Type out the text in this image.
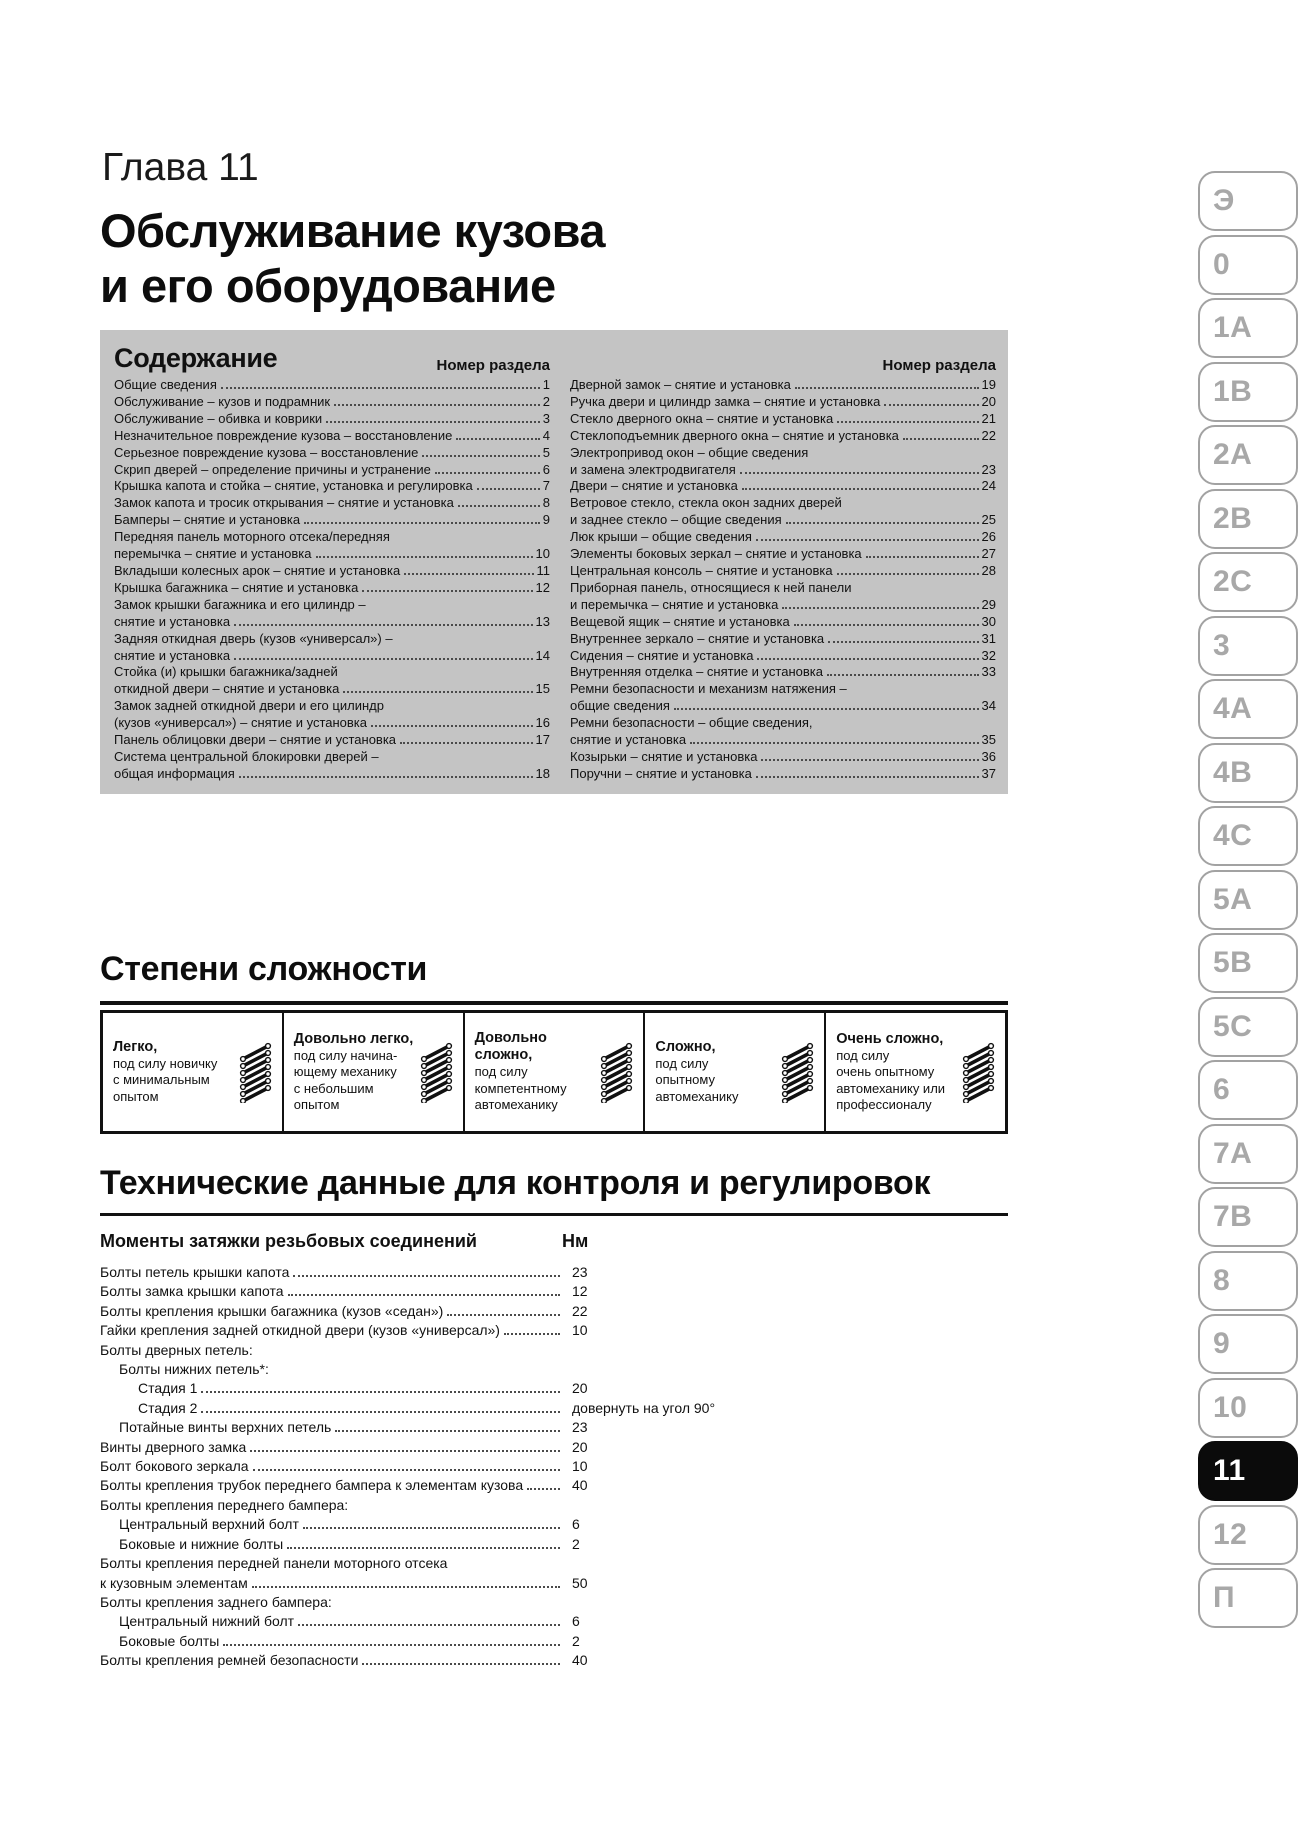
Глава 11
Обслуживание кузова
и его оборудование
Содержание	Номер раздела
Общие сведения	1
Обслуживание – кузов и подрамник	2
Обслуживание – обивка и коврики	3
Незначительное повреждение кузова – восстановление	4
Серьезное повреждение кузова – восстановление	5
Скрип дверей – определение причины и устранение	6
Крышка капота и стойка – снятие, установка и регулировка	7
Замок капота и тросик открывания – снятие и установка	8
Бамперы – снятие и установка	9
Передняя панель моторного отсека/передняя
перемычка – снятие и установка	10
Вкладыши колесных арок – снятие и установка	11
Крышка багажника – снятие и установка	12
Замок крышки багажника и его цилиндр –
снятие и установка	13
Задняя откидная дверь (кузов «универсал») –
снятие и установка	14
Стойка (и) крышки багажника/задней
откидной двери – снятие и установка	15
Замок задней откидной двери и его цилиндр
(кузов «универсал») – снятие и установка	16
Панель облицовки двери – снятие и установка	17
Система центральной блокировки дверей –
общая информация	18
Номер раздела
Дверной замок – снятие и установка	19
Ручка двери и цилиндр замка – снятие и установка	20
Стекло дверного окна – снятие и установка	21
Стеклоподъемник дверного окна – снятие и установка	22
Электропривод окон – общие сведения
и замена электродвигателя	23
Двери – снятие и установка	24
Ветровое стекло, стекла окон задних дверей
и заднее стекло – общие сведения	25
Люк крыши – общие сведения	26
Элементы боковых зеркал – снятие и установка	27
Центральная консоль – снятие и установка	28
Приборная панель, относящиеся к ней панели
и перемычка – снятие и установка	29
Вещевой ящик – снятие и установка	30
Внутреннее зеркало – снятие и установка	31
Сидения – снятие и установка	32
Внутренняя отделка – снятие и установка	33
Ремни безопасности и механизм натяжения –
общие сведения	34
Ремни безопасности – общие сведения,
снятие и установка	35
Козырьки – снятие и установка	36
Поручни – снятие и установка	37
Степени сложности
Легко,
под силу новичку
с минимальным
опытом
Довольно легко,
под силу начина-
ющему механику
с небольшим
опытом
Довольно сложно,
под силу
компетентному
автомеханику
Сложно,
под силу
опытному
автомеханику
Очень сложно,
под силу
очень опытному
автомеханику или
профессионалу
Технические данные для контроля и регулировок
Моменты затяжки резьбовых соединений	Нм
Болты петель крышки капота	23
Болты замка крышки капота	12
Болты крепления крышки багажника (кузов «седан»)	22
Гайки крепления задней откидной двери (кузов «универсал»)	10
Болты дверных петель:
Болты нижних петель*:
Стадия 1	20
Стадия 2	довернуть на угол 90°
Потайные винты верхних петель	23
Винты дверного замка	20
Болт бокового зеркала	10
Болты крепления трубок переднего бампера к элементам кузова	40
Болты крепления переднего бампера:
Центральный верхний болт	6
Боковые и нижние болты	2
Болты крепления передней панели моторного отсека
к кузовным элементам	50
Болты крепления заднего бампера:
Центральный нижний болт	6
Боковые болты	2
Болты крепления ремней безопасности	40
Э
0
1A
1B
2A
2B
2C
3
4A
4B
4C
5A
5B
5C
6
7A
7B
8
9
10
11
12
П
